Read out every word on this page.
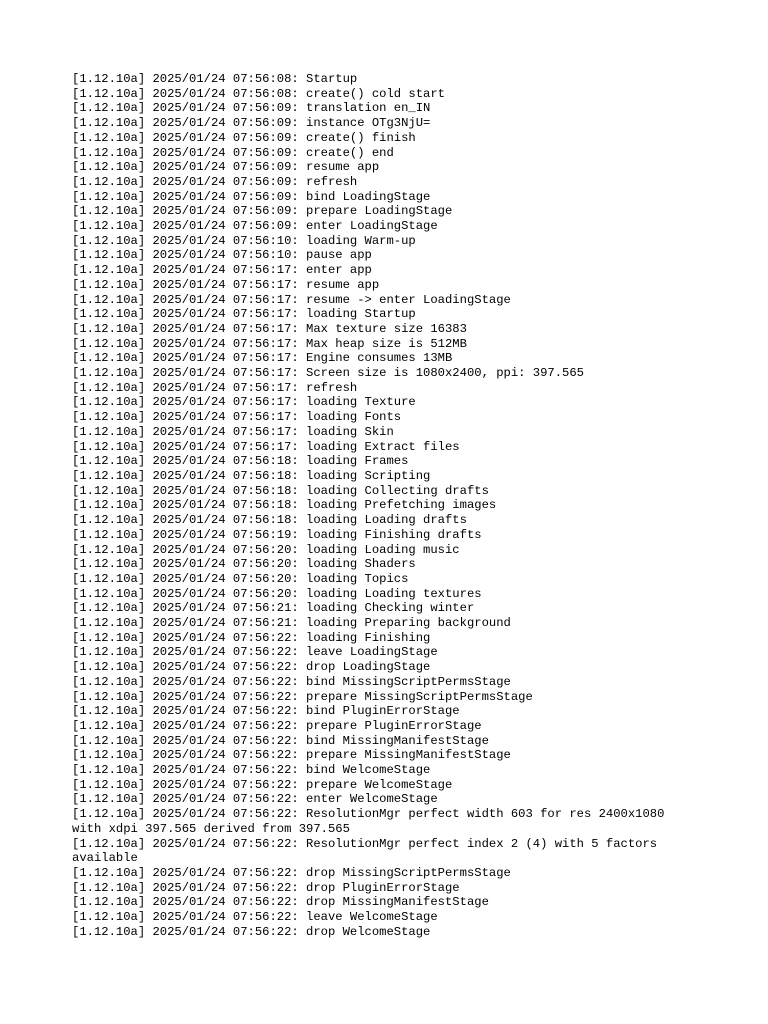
[1.12.10a] 2025/01/24 07:56:08: Startup
[1.12.10a] 2025/01/24 07:56:08: create() cold start
[1.12.10a] 2025/01/24 07:56:09: translation en_IN
[1.12.10a] 2025/01/24 07:56:09: instance OTg3NjU=
[1.12.10a] 2025/01/24 07:56:09: create() finish
[1.12.10a] 2025/01/24 07:56:09: create() end
[1.12.10a] 2025/01/24 07:56:09: resume app
[1.12.10a] 2025/01/24 07:56:09: refresh
[1.12.10a] 2025/01/24 07:56:09: bind LoadingStage
[1.12.10a] 2025/01/24 07:56:09: prepare LoadingStage
[1.12.10a] 2025/01/24 07:56:09: enter LoadingStage
[1.12.10a] 2025/01/24 07:56:10: loading Warm-up
[1.12.10a] 2025/01/24 07:56:10: pause app
[1.12.10a] 2025/01/24 07:56:17: enter app
[1.12.10a] 2025/01/24 07:56:17: resume app
[1.12.10a] 2025/01/24 07:56:17: resume -> enter LoadingStage
[1.12.10a] 2025/01/24 07:56:17: loading Startup
[1.12.10a] 2025/01/24 07:56:17: Max texture size 16383
[1.12.10a] 2025/01/24 07:56:17: Max heap size is 512MB
[1.12.10a] 2025/01/24 07:56:17: Engine consumes 13MB
[1.12.10a] 2025/01/24 07:56:17: Screen size is 1080x2400, ppi: 397.565
[1.12.10a] 2025/01/24 07:56:17: refresh
[1.12.10a] 2025/01/24 07:56:17: loading Texture
[1.12.10a] 2025/01/24 07:56:17: loading Fonts
[1.12.10a] 2025/01/24 07:56:17: loading Skin
[1.12.10a] 2025/01/24 07:56:17: loading Extract files
[1.12.10a] 2025/01/24 07:56:18: loading Frames
[1.12.10a] 2025/01/24 07:56:18: loading Scripting
[1.12.10a] 2025/01/24 07:56:18: loading Collecting drafts
[1.12.10a] 2025/01/24 07:56:18: loading Prefetching images
[1.12.10a] 2025/01/24 07:56:18: loading Loading drafts
[1.12.10a] 2025/01/24 07:56:19: loading Finishing drafts
[1.12.10a] 2025/01/24 07:56:20: loading Loading music
[1.12.10a] 2025/01/24 07:56:20: loading Shaders
[1.12.10a] 2025/01/24 07:56:20: loading Topics
[1.12.10a] 2025/01/24 07:56:20: loading Loading textures
[1.12.10a] 2025/01/24 07:56:21: loading Checking winter
[1.12.10a] 2025/01/24 07:56:21: loading Preparing background
[1.12.10a] 2025/01/24 07:56:22: loading Finishing
[1.12.10a] 2025/01/24 07:56:22: leave LoadingStage
[1.12.10a] 2025/01/24 07:56:22: drop LoadingStage
[1.12.10a] 2025/01/24 07:56:22: bind MissingScriptPermsStage
[1.12.10a] 2025/01/24 07:56:22: prepare MissingScriptPermsStage
[1.12.10a] 2025/01/24 07:56:22: bind PluginErrorStage
[1.12.10a] 2025/01/24 07:56:22: prepare PluginErrorStage
[1.12.10a] 2025/01/24 07:56:22: bind MissingManifestStage
[1.12.10a] 2025/01/24 07:56:22: prepare MissingManifestStage
[1.12.10a] 2025/01/24 07:56:22: bind WelcomeStage
[1.12.10a] 2025/01/24 07:56:22: prepare WelcomeStage
[1.12.10a] 2025/01/24 07:56:22: enter WelcomeStage
[1.12.10a] 2025/01/24 07:56:22: ResolutionMgr perfect width 603 for res 2400x1080 with xdpi 397.565 derived from 397.565
[1.12.10a] 2025/01/24 07:56:22: ResolutionMgr perfect index 2 (4) with 5 factors available
[1.12.10a] 2025/01/24 07:56:22: drop MissingScriptPermsStage
[1.12.10a] 2025/01/24 07:56:22: drop PluginErrorStage
[1.12.10a] 2025/01/24 07:56:22: drop MissingManifestStage
[1.12.10a] 2025/01/24 07:56:22: leave WelcomeStage
[1.12.10a] 2025/01/24 07:56:22: drop WelcomeStage
